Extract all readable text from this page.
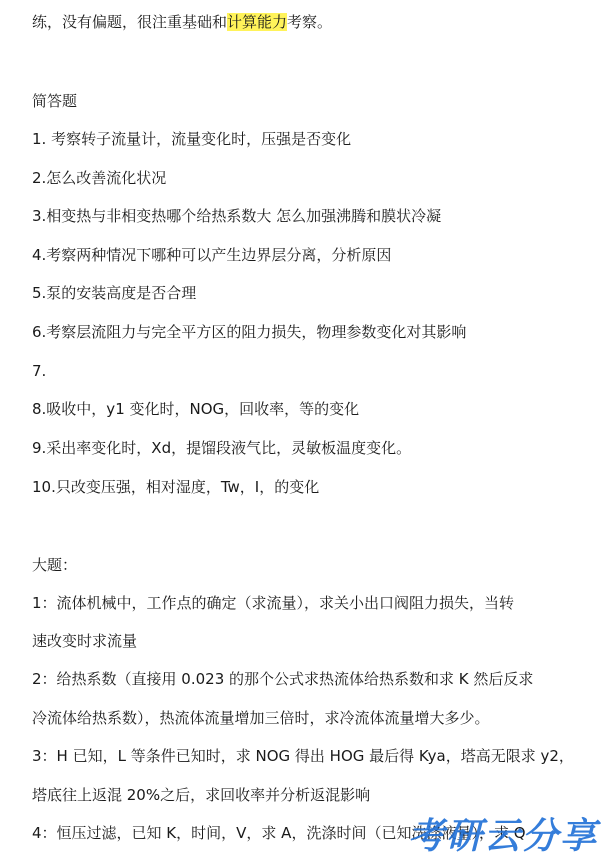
练，没有偏题，很注重基础和计算能力考察。
简答题
1. 考察转子流量计，流量变化时，压强是否变化
2.怎么改善流化状况
3.相变热与非相变热哪个给热系数大 怎么加强沸腾和膜状冷凝
4.考察两种情况下哪种可以产生边界层分离，分析原因
5.泵的安装高度是否合理
6.考察层流阻力与完全平方区的阻力损失，物理参数变化对其影响
7.
8.吸收中，y1 变化时，NOG，回收率，等的变化
9.采出率变化时，Xd，提馏段液气比，灵敏板温度变化。
10.只改变压强，相对湿度，Tw，I，的变化
大题：
1：流体机械中，工作点的确定（求流量），求关小出口阀阻力损失，当转
速改变时求流量
2：给热系数（直接用 0.023 的那个公式求热流体给热系数和求 K 然后反求
冷流体给热系数），热流体流量增加三倍时，求冷流体流量增大多少。
3：H 已知，L 等条件已知时，求 NOG 得出 HOG 最后得 Kya，塔高无限求 y2，
塔底往上返混 20%之后，求回收率并分析返混影响
4：恒压过滤，已知 K，时间，V，求 A，洗涤时间（已知洗涤液量），求 Q
考研云分享
